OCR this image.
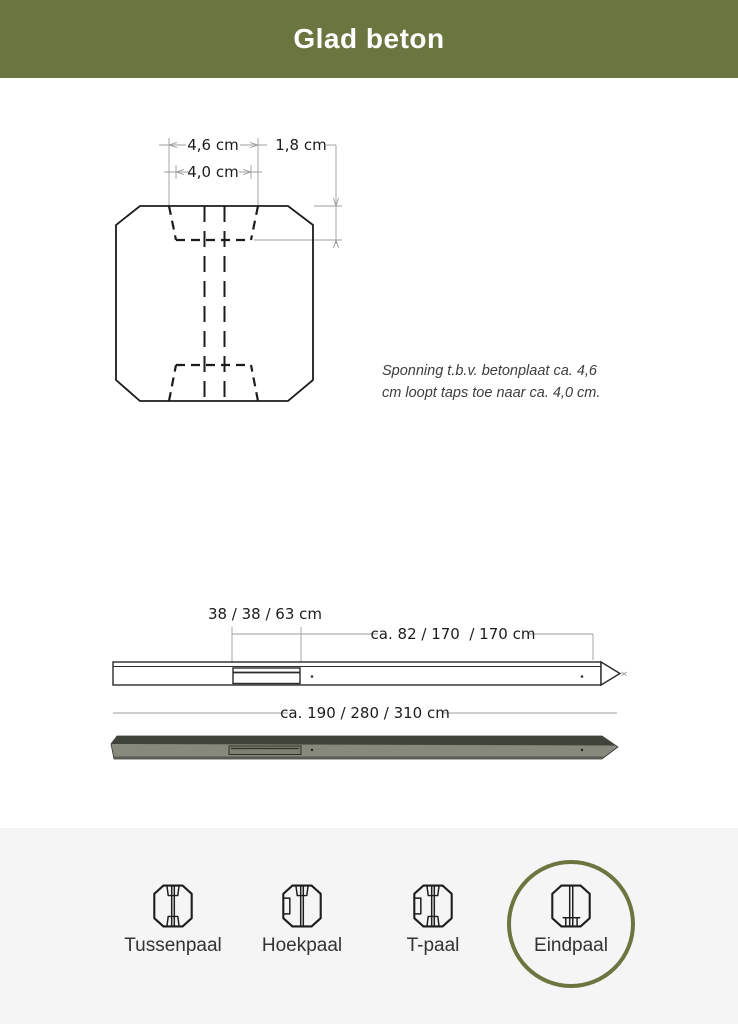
Glad beton
4,6 cm
4,0 cm
1,8 cm
Sponning t.b.v. betonplaat ca. 4,6
cm loopt taps toe naar ca. 4,0 cm.
38 / 38 / 63 cm
ca. 82 / 170  / 170 cm
ca. 190 / 280 / 310 cm
Tussenpaal Hoekpaal	T-paal	Eindpaal
